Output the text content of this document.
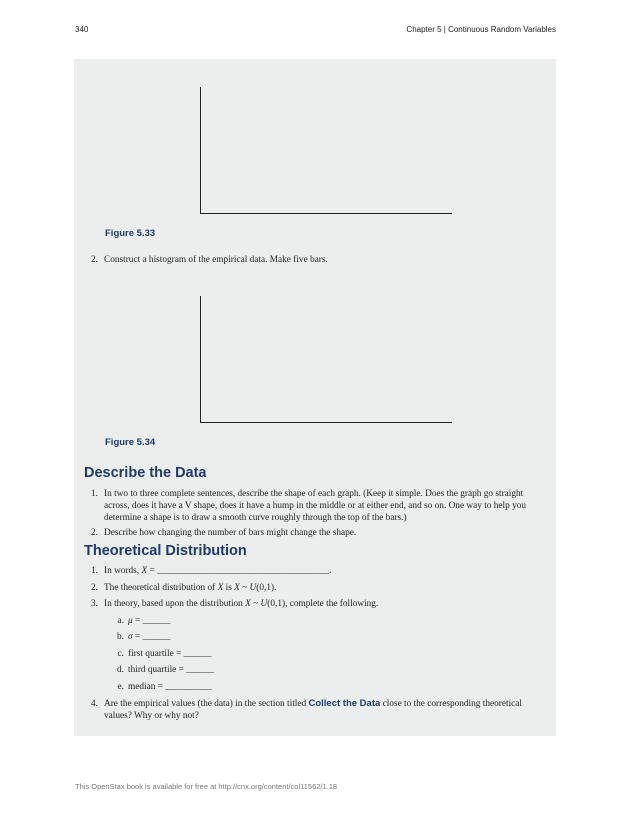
340	Chapter 5 | Continuous Random Variables
Figure 5.33
2. Construct a histogram of the empirical data. Make five bars.
Figure 5.34
Describe the Data
1. In two to three complete sentences, describe the shape of each graph. (Keep it simple. Does the graph go straight across, does it have a V shape, does it have a hump in the middle or at either end, and so on. One way to help you determine a shape is to draw a smooth curve roughly through the top of the bars.)
2. Describe how changing the number of bars might change the shape.
Theoretical Distribution
1. In words, X = _____________________________________.
2. The theoretical distribution of X is X ~ U(0,1).
3. In theory, based upon the distribution X ~ U(0,1), complete the following.
a. μ = ______
b. σ = ______
c. first quartile = ______
d. third quartile = ______
e. median = __________
4. Are the empirical values (the data) in the section titled Collect the Data close to the corresponding theoretical values? Why or why not?
This OpenStax book is available for free at http://cnx.org/content/col11562/1.18
